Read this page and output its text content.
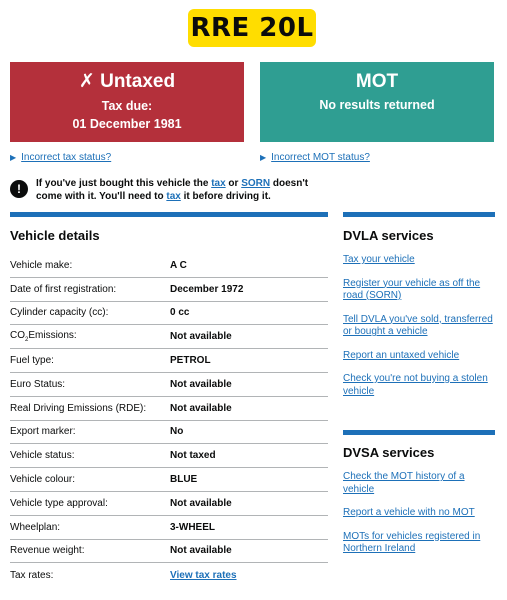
RRE 20L
✗ Untaxed
Tax due:
01 December 1981
MOT
No results returned
▶ Incorrect tax status?	▶ Incorrect MOT status?
!	If you've just bought this vehicle the tax or SORN doesn't come with it. You'll need to tax it before driving it.
Vehicle details
Vehicle make:	A C
Date of first registration:	December 1972
Cylinder capacity (cc):	0 cc
$CO_2Emissions$:	Not available
Fuel type:	PETROL
Euro Status:	Not available
Real Driving Emissions (RDE):	Not available
Export marker:	No
Vehicle status:	Not taxed
Vehicle colour:	BLUE
Vehicle type approval:	Not available
Wheelplan:	3-WHEEL
Revenue weight:	Not available
Tax rates:	View tax rates
DVLA services
Tax your vehicle
Register your vehicle as off the road (SORN)
Tell DVLA you've sold, transferred or bought a vehicle
Report an untaxed vehicle
Check you're not buying a stolen vehicle
DVSA services
Check the MOT history of a vehicle
Report a vehicle with no MOT
MOTs for vehicles registered in Northern Ireland
